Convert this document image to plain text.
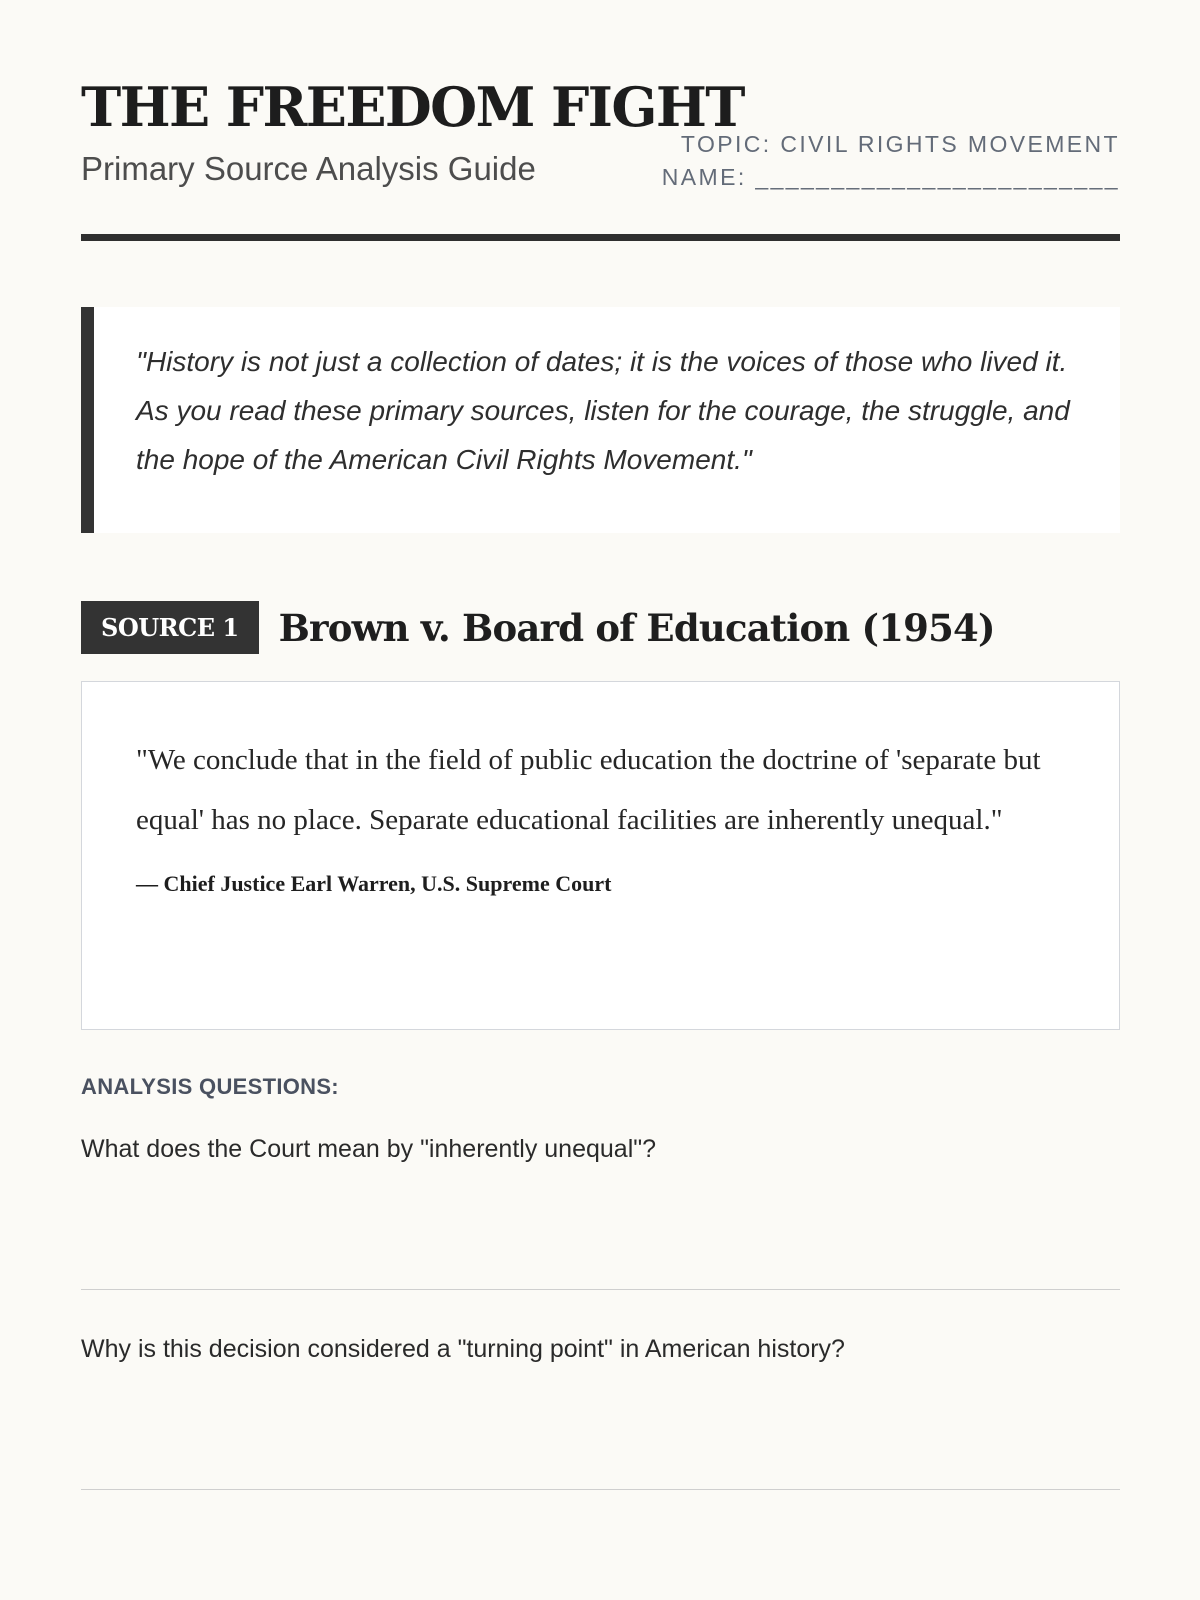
THE FREEDOM FIGHT
Primary Source Analysis Guide
TOPIC: CIVIL RIGHTS MOVEMENT
NAME: ________________________
"History is not just a collection of dates; it is the voices of those who lived it. As you read these primary sources, listen for the courage, the struggle, and the hope of the American Civil Rights Movement."
SOURCE 1	Brown v. Board of Education (1954)
"We conclude that in the field of public education the doctrine of 'separate but equal' has no place. Separate educational facilities are inherently unequal."
— Chief Justice Earl Warren, U.S. Supreme Court
ANALYSIS QUESTIONS:
What does the Court mean by "inherently unequal"?
Why is this decision considered a "turning point" in American history?
